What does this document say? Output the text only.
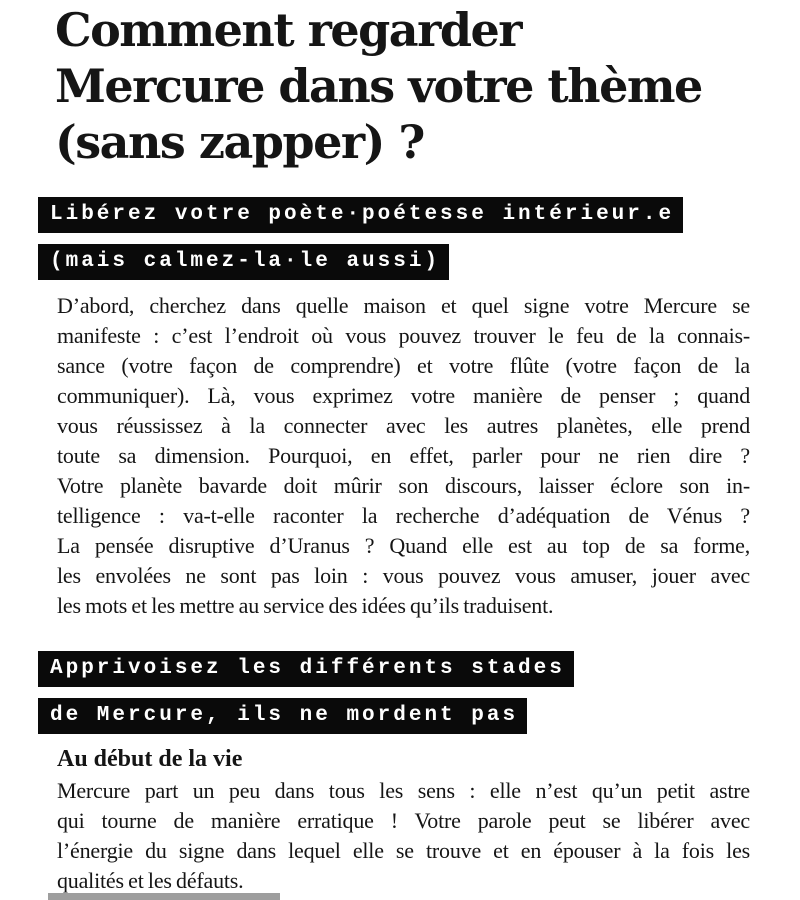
Comment regarder
Mercure dans votre thème
(sans zapper) ?
Libérez votre poète·poétesse intérieur.e
(mais calmez-la·le aussi)
D’abord, cherchez dans quelle maison et quel signe votre Mercure se
manifeste : c’est l’endroit où vous pouvez trouver le feu de la connais-
sance (votre façon de comprendre) et votre flûte (votre façon de la
communiquer). Là, vous exprimez votre manière de penser ; quand
vous réussissez à la connecter avec les autres planètes, elle prend
toute sa dimension. Pourquoi, en effet, parler pour ne rien dire ?
Votre planète bavarde doit mûrir son discours, laisser éclore son in-
telligence : va-t-elle raconter la recherche d’adéquation de Vénus ?
La pensée disruptive d’Uranus ? Quand elle est au top de sa forme,
les envolées ne sont pas loin : vous pouvez vous amuser, jouer avec
les mots et les mettre au service des idées qu’ils traduisent.
Apprivoisez les différents stades
de Mercure, ils ne mordent pas
Au début de la vie
Mercure part un peu dans tous les sens : elle n’est qu’un petit astre
qui tourne de manière erratique ! Votre parole peut se libérer avec
l’énergie du signe dans lequel elle se trouve et en épouser à la fois les
qualités et les défauts.
